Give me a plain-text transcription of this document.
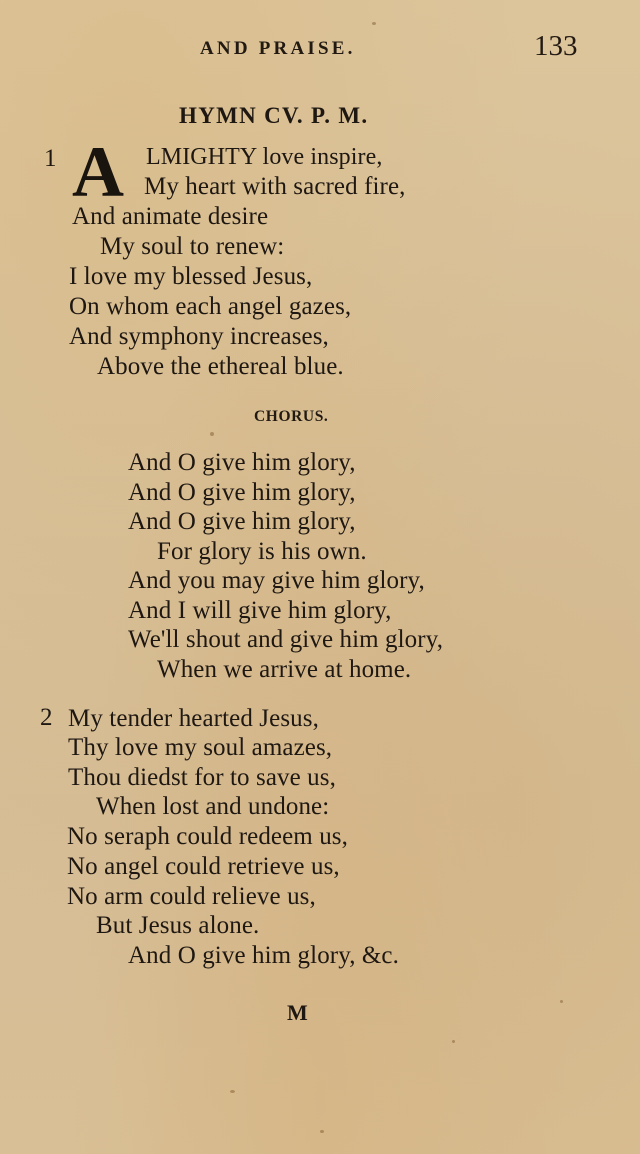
AND PRAISE.	133
HYMN CV. P. M.
1 A LMIGHTY love inspire,
My heart with sacred fire,
And animate desire
My soul to renew:
I love my blessed Jesus,
On whom each angel gazes,
And symphony increases,
Above the ethereal blue.
CHORUS.
And O give him glory,
And O give him glory,
And O give him glory,
For glory is his own.
And you may give him glory,
And I will give him glory,
We'll shout and give him glory,
When we arrive at home.
2 My tender hearted Jesus,
Thy love my soul amazes,
Thou diedst for to save us,
When lost and undone:
No seraph could redeem us,
No angel could retrieve us,
No arm could relieve us,
But Jesus alone.
And O give him glory, &c.
M
